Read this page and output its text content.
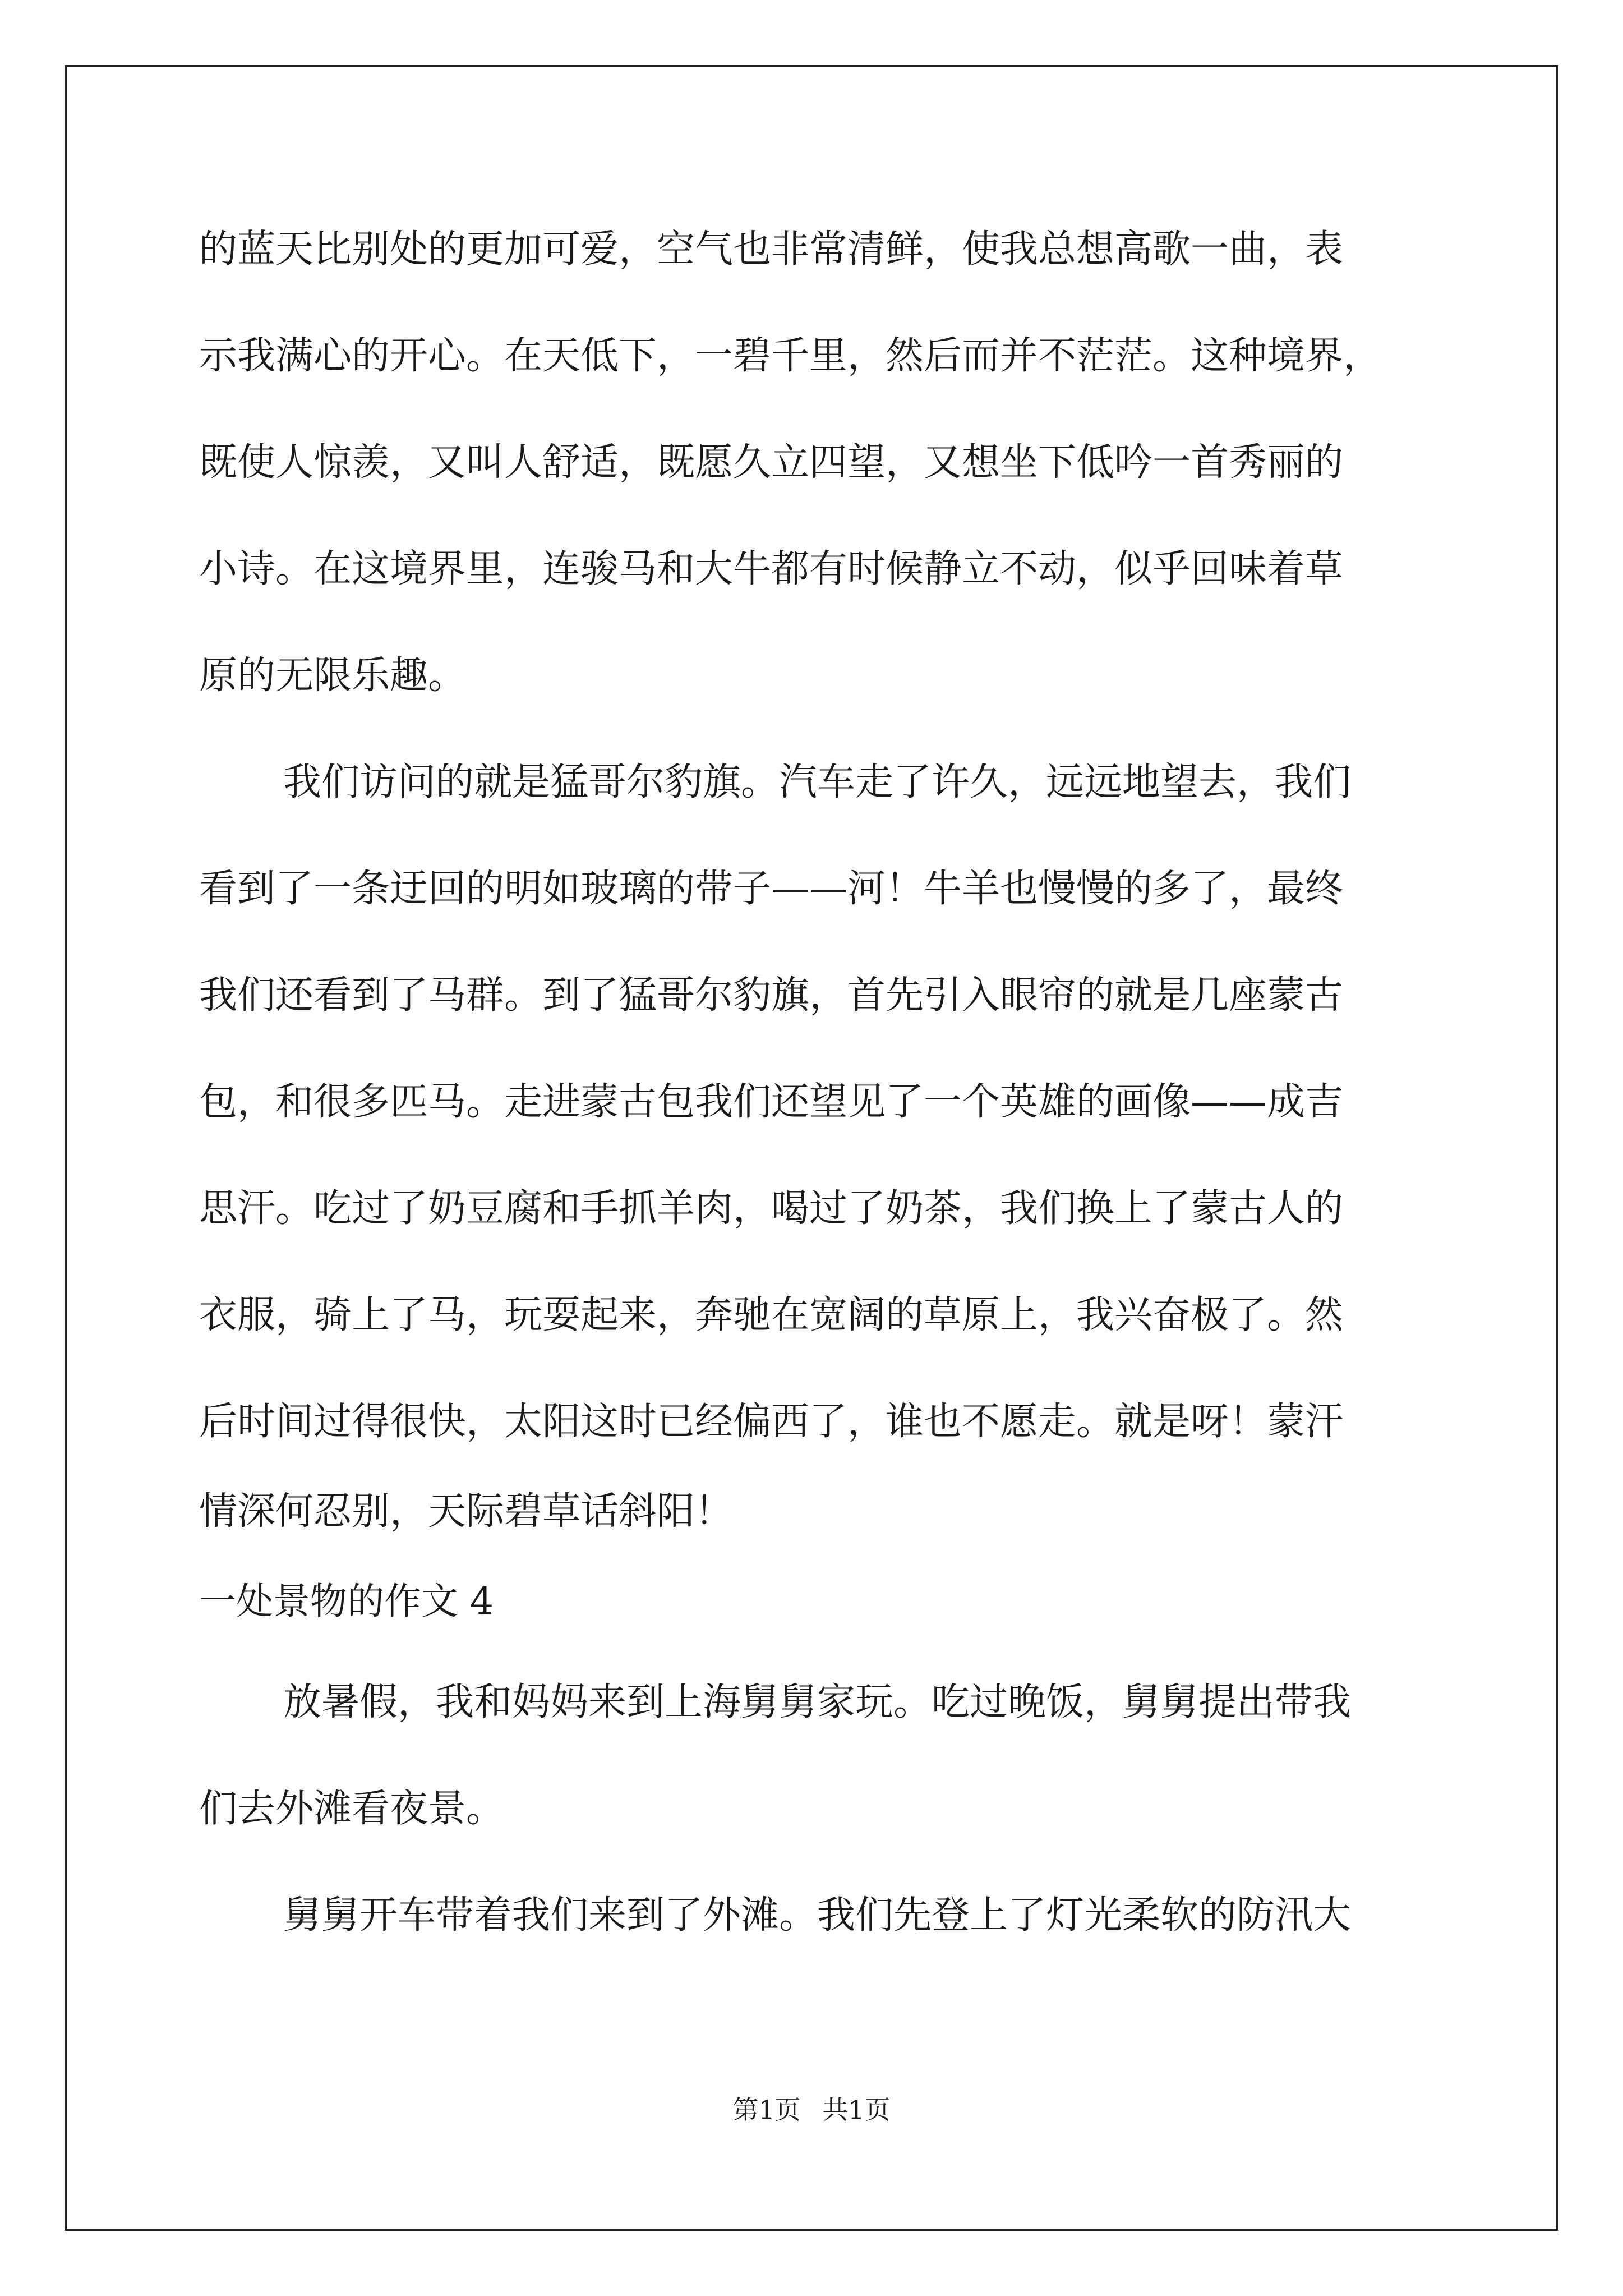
的蓝天比别处的更加可爱，空气也非常清鲜，使我总想高歌一曲，表
示我满心的开心。在天低下，一碧千里，然后而并不茫茫。这种境界，
既使人惊羡，又叫人舒适，既愿久立四望，又想坐下低吟一首秀丽的
小诗。在这境界里，连骏马和大牛都有时候静立不动，似乎回味着草
原的无限乐趣。
我们访问的就是猛哥尔豹旗。汽车走了许久，远远地望去，我们
看到了一条迂回的明如玻璃的带子——河！牛羊也慢慢的多了，最终
我们还看到了马群。到了猛哥尔豹旗，首先引入眼帘的就是几座蒙古
包，和很多匹马。走进蒙古包我们还望见了一个英雄的画像——成吉
思汗。吃过了奶豆腐和手抓羊肉，喝过了奶茶，我们换上了蒙古人的
衣服，骑上了马，玩耍起来，奔驰在宽阔的草原上，我兴奋极了。然
后时间过得很快，太阳这时已经偏西了，谁也不愿走。就是呀！蒙汗
情深何忍别，天际碧草话斜阳！
一处景物的作文 4
放暑假，我和妈妈来到上海舅舅家玩。吃过晚饭，舅舅提出带我
们去外滩看夜景。
舅舅开车带着我们来到了外滩。我们先登上了灯光柔软的防汛大
第1页 共1页
